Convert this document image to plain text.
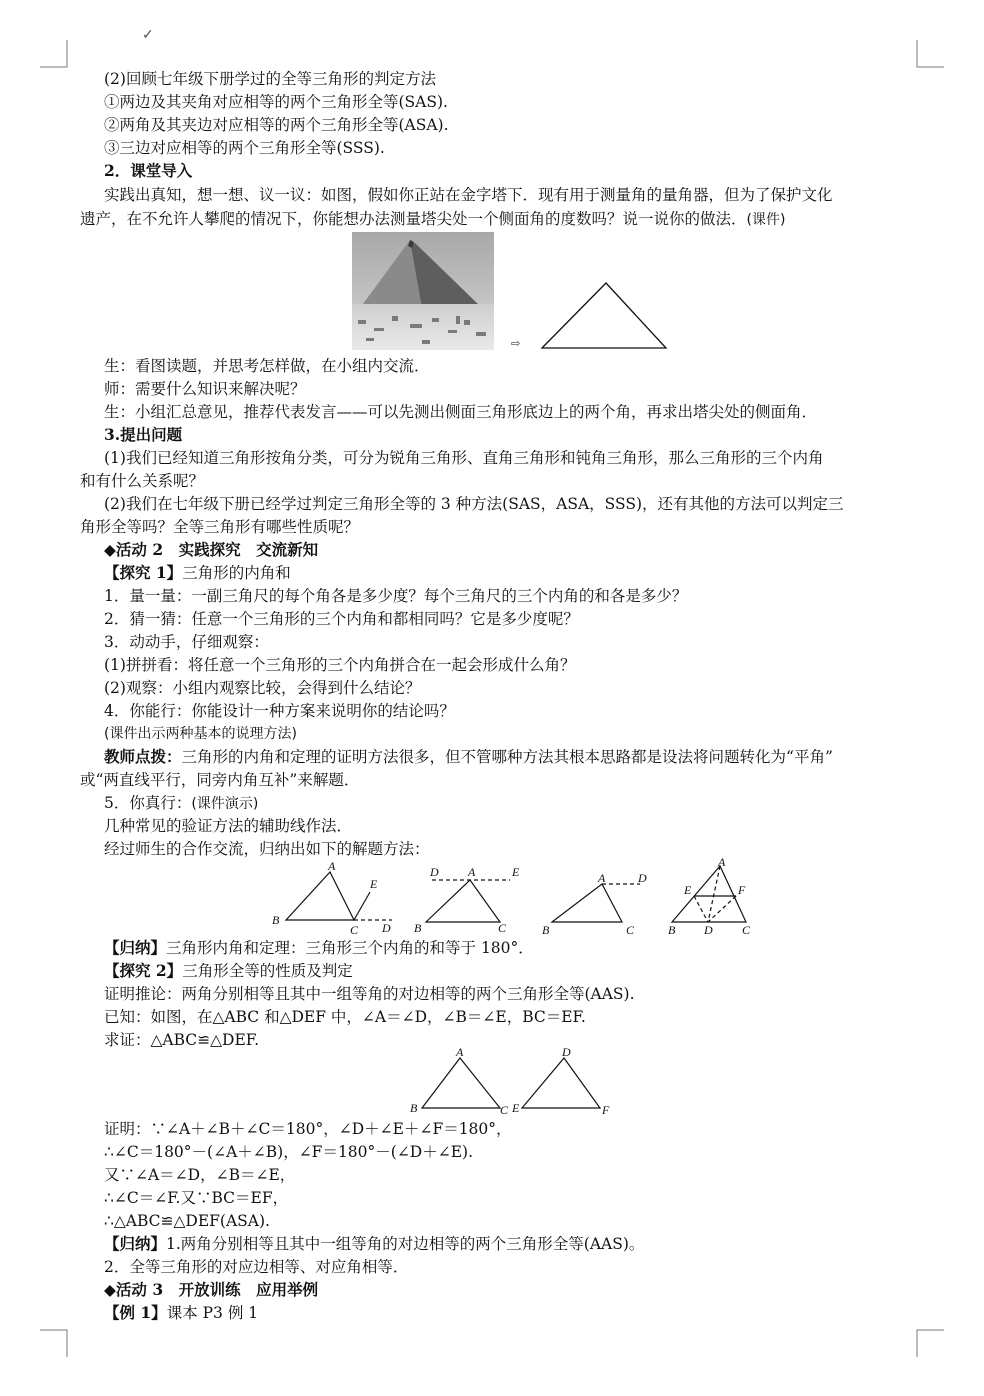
✓
(2)回顾七年级下册学过的全等三角形的判定方法
①两边及其夹角对应相等的两个三角形全等(SAS).
②两角及其夹边对应相等的两个三角形全等(ASA).
③三边对应相等的两个三角形全等(SSS).
2．课堂导入
实践出真知，想一想、议一议：如图，假如你正站在金字塔下．现有用于测量角的量角器，但为了保护文化
遗产，在不允许人攀爬的情况下，你能想办法测量塔尖处一个侧面角的度数吗？说一说你的做法．(课件)
⇨
生：看图读题，并思考怎样做，在小组内交流．
师：需要什么知识来解决呢？
生：小组汇总意见，推荐代表发言——可以先测出侧面三角形底边上的两个角，再求出塔尖处的侧面角．
3.提出问题
(1)我们已经知道三角形按角分类，可分为锐角三角形、直角三角形和钝角三角形，那么三角形的三个内角
和有什么关系呢？
(2)我们在七年级下册已经学过判定三角形全等的 3 种方法(SAS，ASA，SSS)，还有其他的方法可以判定三
角形全等吗？全等三角形有哪些性质呢？
◆活动 2　实践探究　交流新知
【探究 1】三角形的内角和
1．量一量：一副三角尺的每个角各是多少度？每个三角尺的三个内角的和各是多少？
2．猜一猜：任意一个三角形的三个内角和都相同吗？它是多少度呢？
3．动动手，仔细观察：
(1)拼拼看：将任意一个三角形的三个内角拼合在一起会形成什么角？
(2)观察：小组内观察比较，会得到什么结论？
4．你能行：你能设计一种方案来说明你的结论吗？
(课件出示两种基本的说理方法)
教师点拨：三角形的内角和定理的证明方法很多，但不管哪种方法其根本思路都是设法将问题转化为“平角”
或“两直线平行，同旁内角互补”来解题．
5．你真行：(课件演示)
几种常见的验证方法的辅助线作法．
经过师生的合作交流，归纳出如下的解题方法：
A
E
B
C D
D A	E
B	C
A	D
B	C
A
E	F
B D C
【归纳】三角形内角和定理：三角形三个内角的和等于 180°．
【探究 2】三角形全等的性质及判定
证明推论：两角分别相等且其中一组等角的对边相等的两个三角形全等(AAS).
已知：如图，在△ABC 和△DEF 中，∠A＝∠D，∠B＝∠E，BC＝EF.
求证：△ABC≌△DEF.
A
B	C
D
E	F
证明：∵∠A＋∠B＋∠C＝180°，∠D＋∠E＋∠F＝180°，
∴∠C＝180°－(∠A＋∠B)，∠F＝180°－(∠D＋∠E).
又∵∠A＝∠D，∠B＝∠E，
∴∠C＝∠F.又∵BC＝EF，
∴△ABC≌△DEF(ASA).
【归纳】1.两角分别相等且其中一组等角的对边相等的两个三角形全等(AAS)。
2．全等三角形的对应边相等、对应角相等．
◆活动 3　开放训练　应用举例
【例 1】课本 P3 例 1
